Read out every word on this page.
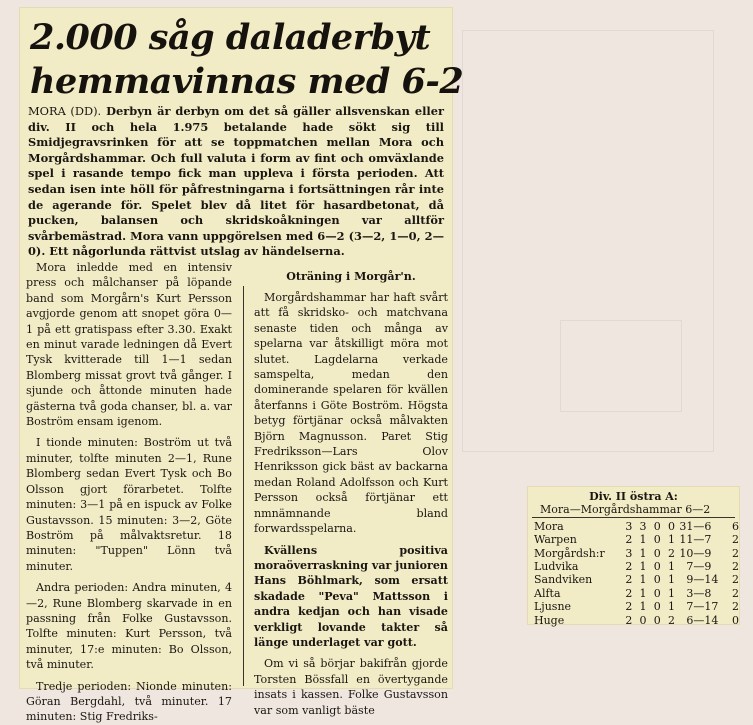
2.000 såg daladerbyt
hemmavinnas med 6-2
MORA (DD). Derbyn är derbyn om det så gäller allsvenskan eller div. II och hela 1.975 betalande hade sökt sig till Smidjegravsrinken för att se toppmatchen mellan Mora och Morgårdshammar. Och full valuta i form av fint och omväxlande spel i rasande tempo fick man uppleva i första perioden. Att sedan isen inte höll för påfrestningarna i fortsättningen rår inte de agerande för. Spelet blev då litet för hasardbetonat, då pucken, balansen och skridskoåkningen var alltför svårbemästrad. Mora vann uppgörelsen med 6—2 (3—2, 1—0, 2—0). Ett någorlunda rättvist utslag av händelserna.

Mora inledde med en intensiv press och målchanser på löpande band som Morgårn's Kurt Persson avgjorde genom att snopet göra 0—1 på ett gratispass efter 3.30. Exakt en minut varade ledningen då Evert Tysk kvitterade till 1—1 sedan Blomberg missat grovt två gånger. I sjunde och åttonde minuten hade gästerna två goda chanser, bl. a. var Boström ensam igenom.

I tionde minuten: Boström ut två minuter, tolfte minuten 2—1, Rune Blomberg sedan Evert Tysk och Bo Olsson gjort förarbetet. Tolfte minuten: 3—1 på en ispuck av Folke Gustavsson. 15 minuten: 3—2, Göte Boström på målvaktsretur. 18 minuten: "Tuppen" Lönn två minuter.

Andra perioden: Andra minuten, 4—2, Rune Blomberg skarvade in en passning från Folke Gustavsson. Tolfte minuten: Kurt Persson, två minuter, 17:e minuten: Bo Olsson, två minuter.

Tredje perioden: Nionde minuten: Göran Bergdahl, två minuter. 17 minuten: Stig Fredriks-

Oträning i Morgår'n.

Morgårdshammar har haft svårt att få skridsko- och matchvana senaste tiden och många av spelarna var åtskilligt möra mot slutet. Lagdelarna verkade samspelta, medan den dominerande spelaren för kvällen återfanns i Göte Boström. Högsta betyg förtjänar också målvakten Björn Magnusson. Paret Stig Fredriksson—Lars Olov Henriksson gick bäst av backarna medan Roland Adolfsson och Kurt Persson också förtjänar ett nmnämnande bland forwardsspelarna.

Kvällens positiva moraöverraskning var junioren Hans Böhlmark, som ersatt skadade "Peva" Mattsson i andra kedjan och han visade verkligt lovande takter så länge underlaget var gott.

Om vi så börjar bakifrån gjorde Torsten Bössfall en övertygande insats i kassen. Folke Gustavsson var som vanligt bäste

Div. II östra A:
Mora—Morgårdshammar 6—2
Mora	3	3	0	0	31—	6	6
Warpen	2	1	0	1	11—	7	2
Morgårdsh:r	3	1	0	2	10—	9	2
Ludvika	2	1	0	1	7—	9	2
Sandviken	2	1	0	1	9—	14	2
Alfta	2	1	0	1	3—	8	2
Ljusne	2	1	0	1	7—	17	2
Huge	2	0	0	2	6—	14	0
